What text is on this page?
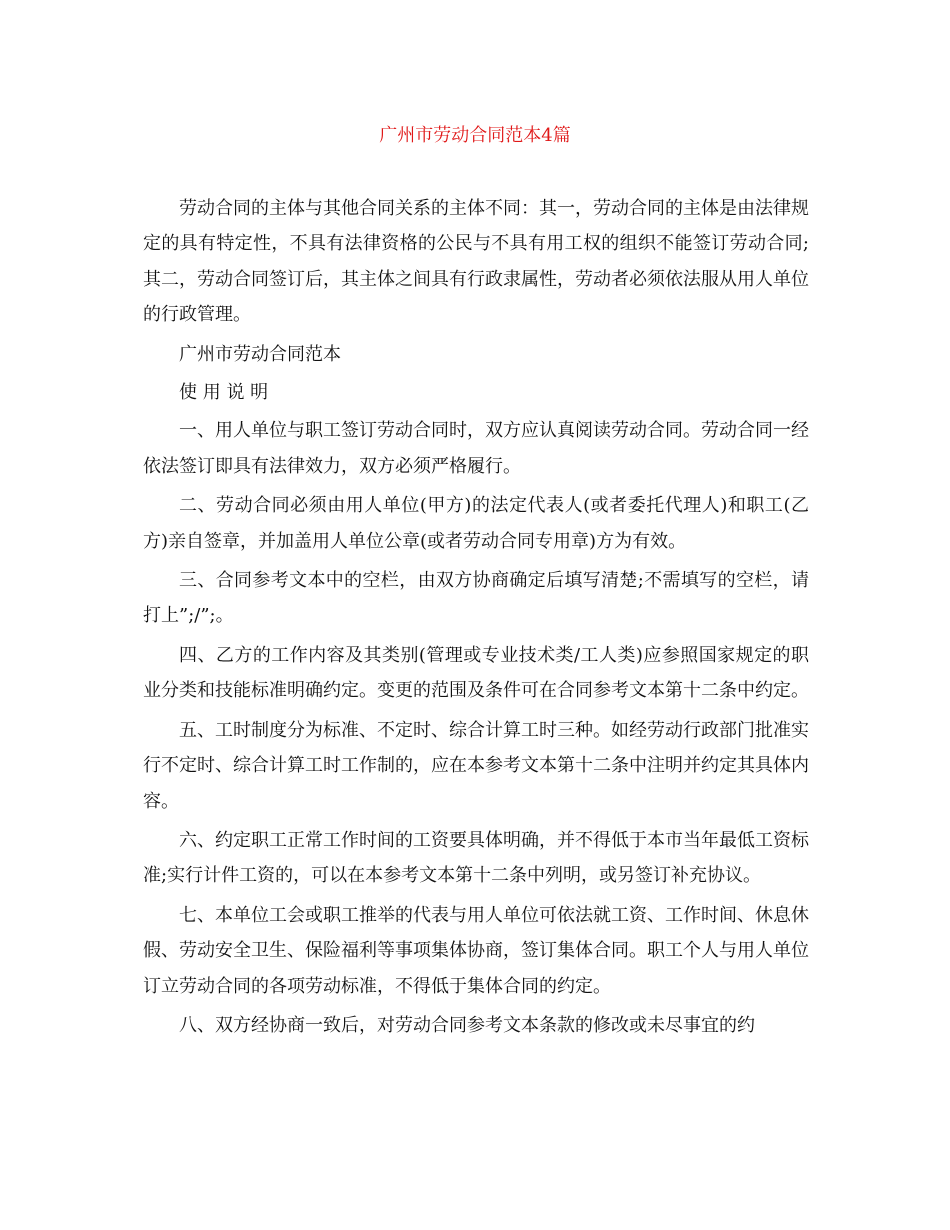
广州市劳动合同范本4篇

劳动合同的主体与其他合同关系的主体不同：其一，劳动合同的主体是由法律规定的具有特定性，不具有法律资格的公民与不具有用工权的组织不能签订劳动合同;其二，劳动合同签订后，其主体之间具有行政隶属性，劳动者必须依法服从用人单位的行政管理。

广州市劳动合同范本

使 用 说 明

一、用人单位与职工签订劳动合同时，双方应认真阅读劳动合同。劳动合同一经依法签订即具有法律效力，双方必须严格履行。

二、劳动合同必须由用人单位(甲方)的法定代表人(或者委托代理人)和职工(乙方)亲自签章，并加盖用人单位公章(或者劳动合同专用章)方为有效。

三、合同参考文本中的空栏，由双方协商确定后填写清楚;不需填写的空栏，请打上”;/”;。

四、乙方的工作内容及其类别(管理或专业技术类/工人类)应参照国家规定的职业分类和技能标准明确约定。变更的范围及条件可在合同参考文本第十二条中约定。

五、工时制度分为标准、不定时、综合计算工时三种。如经劳动行政部门批准实行不定时、综合计算工时工作制的，应在本参考文本第十二条中注明并约定其具体内容。

六、约定职工正常工作时间的工资要具体明确，并不得低于本市当年最低工资标准;实行计件工资的，可以在本参考文本第十二条中列明，或另签订补充协议。

七、本单位工会或职工推举的代表与用人单位可依法就工资、工作时间、休息休假、劳动安全卫生、保险福利等事项集体协商，签订集体合同。职工个人与用人单位订立劳动合同的各项劳动标准，不得低于集体合同的约定。

八、双方经协商一致后，对劳动合同参考文本条款的修改或未尽事宜的约
